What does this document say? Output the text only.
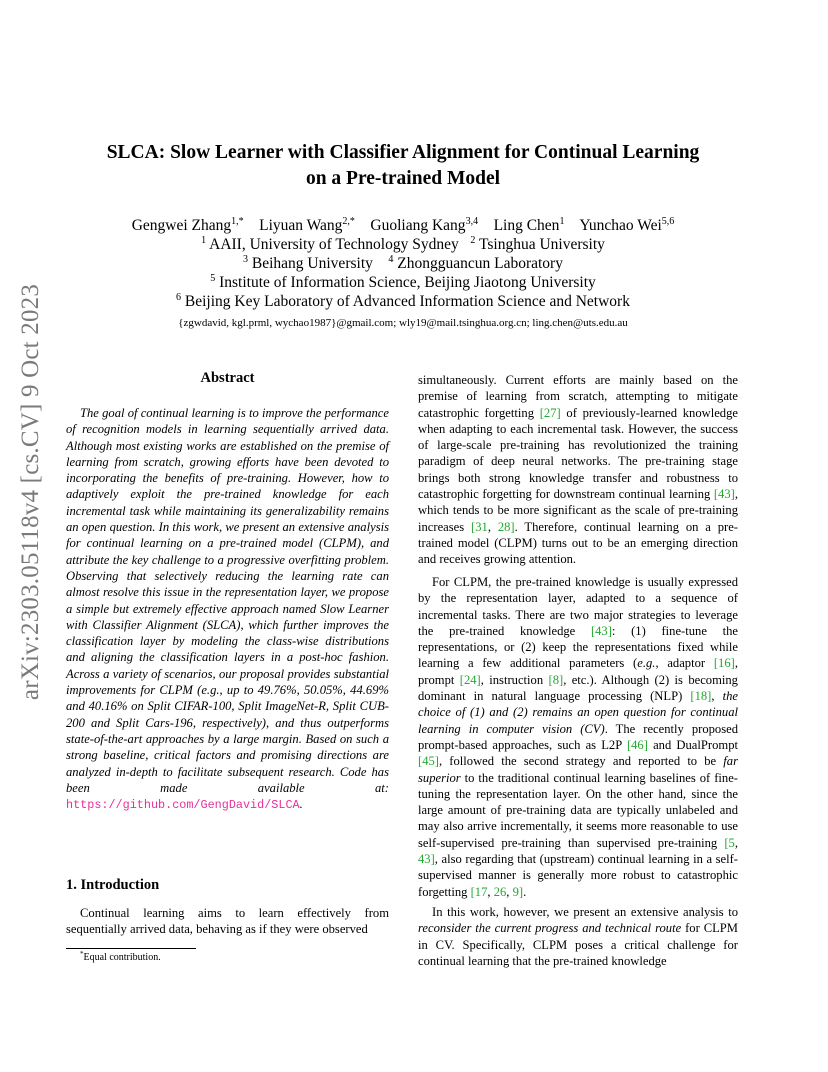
arXiv:2303.05118v4 [cs.CV] 9 Oct 2023
SLCA: Slow Learner with Classifier Alignment for Continual Learning
on a Pre-trained Model
Gengwei Zhang$^{1,*}$ Liyuan Wang$^{2,*}$ Guoliang Kang$^{3,4}$ Ling Chen$^1$ Yunchao Wei$^{5,6}$
$^1$ AAII, University of Technology Sydney $^2$ Tsinghua University
$^3$ Beihang University $^4$ Zhongguancun Laboratory
$^5$ Institute of Information Science, Beijing Jiaotong University
$^6$ Beijing Key Laboratory of Advanced Information Science and Network
{zgwdavid, kgl.prml, wychao1987}@gmail.com; wly19@mail.tsinghua.org.cn; ling.chen@uts.edu.au
Abstract

The goal of continual learning is to improve the performance of recognition models in learning sequentially arrived data. Although most existing works are established on the premise of learning from scratch, growing efforts have been devoted to incorporating the benefits of pre-training. However, how to adaptively exploit the pre-trained knowledge for each incremental task while maintaining its generalizability remains an open question. In this work, we present an extensive analysis for continual learning on a pre-trained model (CLPM), and attribute the key challenge to a progressive overfitting problem. Observing that selectively reducing the learning rate can almost resolve this issue in the representation layer, we propose a simple but extremely effective approach named Slow Learner with Classifier Alignment (SLCA), which further improves the classification layer by modeling the class-wise distributions and aligning the classification layers in a post-hoc fashion. Across a variety of scenarios, our proposal provides substantial improvements for CLPM (e.g., up to 49.76%, 50.05%, 44.69% and 40.16% on Split CIFAR-100, Split ImageNet-R, Split CUB-200 and Split Cars-196, respectively), and thus outperforms state-of-the-art approaches by a large margin. Based on such a strong baseline, critical factors and promising directions are analyzed in-depth to facilitate subsequent research. Code has been made available at: https://github.com/GengDavid/SLCA.

1. Introduction

Continual learning aims to learn effectively from sequentially arrived data, behaving as if they were observed

*Equal contribution.

simultaneously. Current efforts are mainly based on the premise of learning from scratch, attempting to mitigate catastrophic forgetting [27] of previously-learned knowledge when adapting to each incremental task. However, the success of large-scale pre-training has revolutionized the training paradigm of deep neural networks. The pre-training stage brings both strong knowledge transfer and robustness to catastrophic forgetting for downstream continual learning [43], which tends to be more significant as the scale of pre-training increases [31, 28]. Therefore, continual learning on a pre-trained model (CLPM) turns out to be an emerging direction and receives growing attention.

For CLPM, the pre-trained knowledge is usually expressed by the representation layer, adapted to a sequence of incremental tasks. There are two major strategies to leverage the pre-trained knowledge [43]: (1) fine-tune the representations, or (2) keep the representations fixed while learning a few additional parameters (e.g., adaptor [16], prompt [24], instruction [8], etc.). Although (2) is becoming dominant in natural language processing (NLP) [18], the choice of (1) and (2) remains an open question for continual learning in computer vision (CV). The recently proposed prompt-based approaches, such as L2P [46] and DualPrompt [45], followed the second strategy and reported to be far superior to the traditional continual learning baselines of fine-tuning the representation layer. On the other hand, since the large amount of pre-training data are typically unlabeled and may also arrive incrementally, it seems more reasonable to use self-supervised pre-training than supervised pre-training [5, 43], also regarding that (upstream) continual learning in a self-supervised manner is generally more robust to catastrophic forgetting [17, 26, 9].

In this work, however, we present an extensive analysis to reconsider the current progress and technical route for CLPM in CV. Specifically, CLPM poses a critical challenge for continual learning that the pre-trained knowledge
